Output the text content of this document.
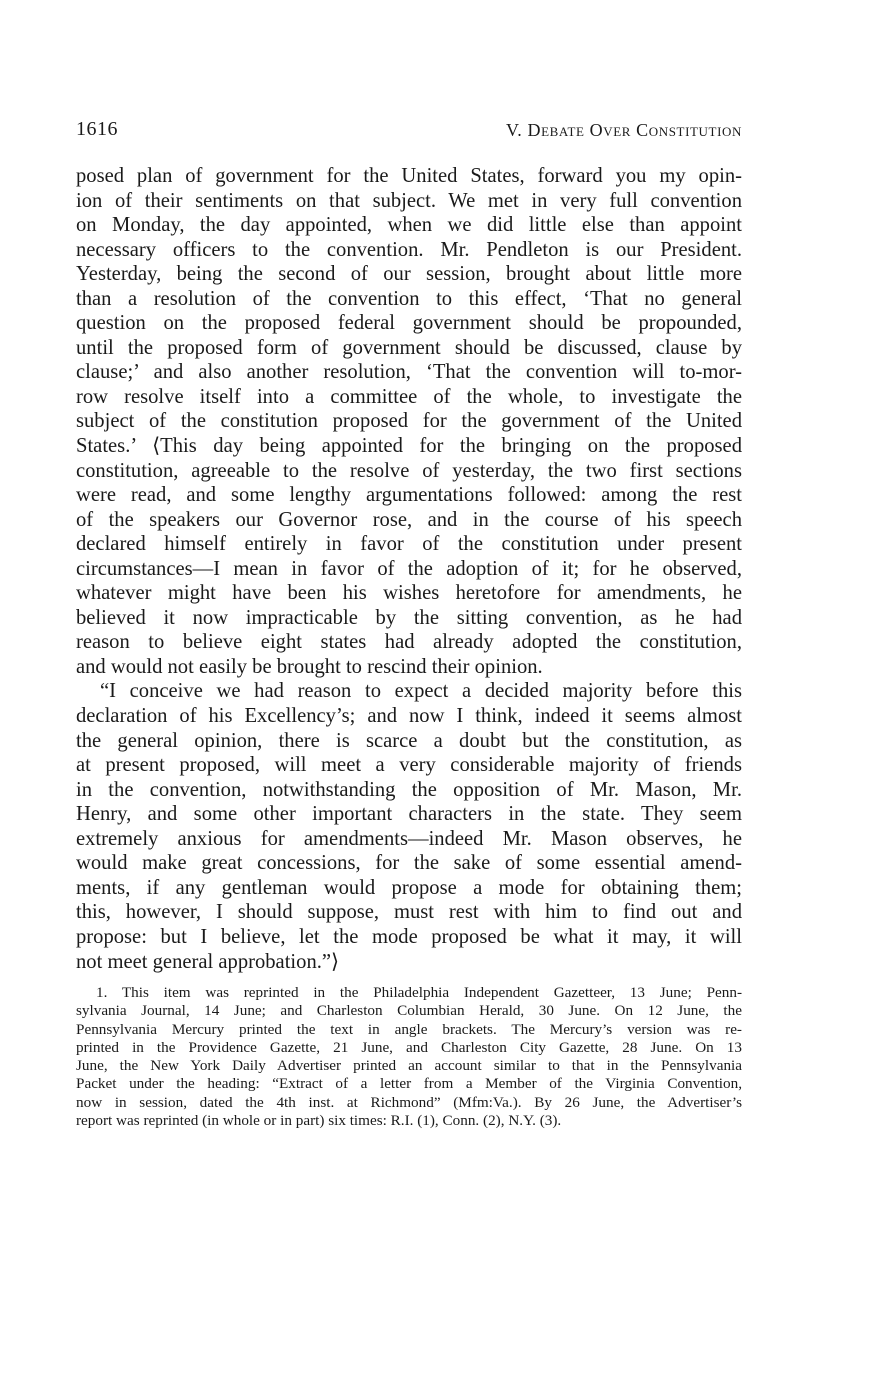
1616	V. Debate Over Constitution
posed plan of government for the United States, forward you my opin-
ion of their sentiments on that subject. We met in very full convention
on Monday, the day appointed, when we did little else than appoint
necessary officers to the convention. Mr. Pendleton is our President.
Yesterday, being the second of our session, brought about little more
than a resolution of the convention to this effect, ‘That no general
question on the proposed federal government should be propounded,
until the proposed form of government should be discussed, clause by
clause;’ and also another resolution, ‘That the convention will to-mor-
row resolve itself into a committee of the whole, to investigate the
subject of the constitution proposed for the government of the United
States.’ ⟨This day being appointed for the bringing on the proposed
constitution, agreeable to the resolve of yesterday, the two first sections
were read, and some lengthy argumentations followed: among the rest
of the speakers our Governor rose, and in the course of his speech
declared himself entirely in favor of the constitution under present
circumstances—I mean in favor of the adoption of it; for he observed,
whatever might have been his wishes heretofore for amendments, he
believed it now impracticable by the sitting convention, as he had
reason to believe eight states had already adopted the constitution,
and would not easily be brought to rescind their opinion.
“I conceive we had reason to expect a decided majority before this
declaration of his Excellency’s; and now I think, indeed it seems almost
the general opinion, there is scarce a doubt but the constitution, as
at present proposed, will meet a very considerable majority of friends
in the convention, notwithstanding the opposition of Mr. Mason, Mr.
Henry, and some other important characters in the state. They seem
extremely anxious for amendments—indeed Mr. Mason observes, he
would make great concessions, for the sake of some essential amend-
ments, if any gentleman would propose a mode for obtaining them;
this, however, I should suppose, must rest with him to find out and
propose: but I believe, let the mode proposed be what it may, it will
not meet general approbation.”⟩
1. This item was reprinted in the Philadelphia Independent Gazetteer, 13 June; Penn-
sylvania Journal, 14 June; and Charleston Columbian Herald, 30 June. On 12 June, the
Pennsylvania Mercury printed the text in angle brackets. The Mercury’s version was re-
printed in the Providence Gazette, 21 June, and Charleston City Gazette, 28 June. On 13
June, the New York Daily Advertiser printed an account similar to that in the Pennsylvania
Packet under the heading: “Extract of a letter from a Member of the Virginia Convention,
now in session, dated the 4th inst. at Richmond” (Mfm:Va.). By 26 June, the Advertiser’s
report was reprinted (in whole or in part) six times: R.I. (1), Conn. (2), N.Y. (3).
